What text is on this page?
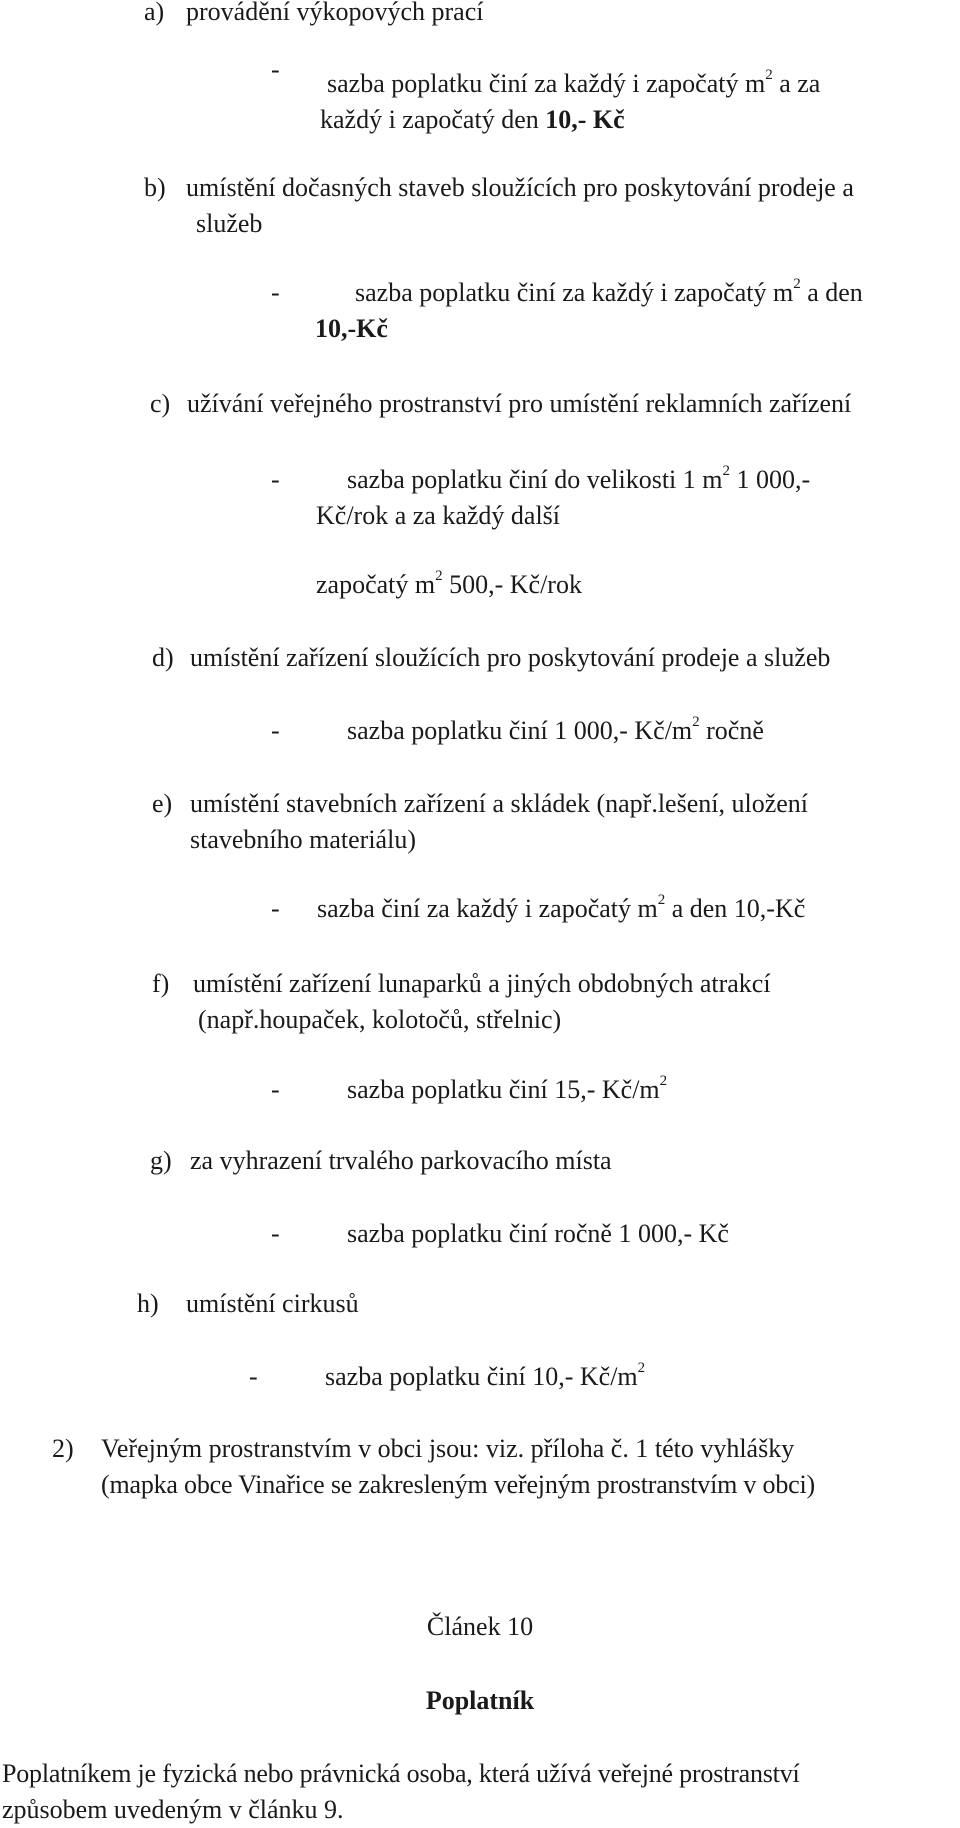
a) provádění výkopových prací
- sazba poplatku činí za každý i započatý $m^2$ a za
každý i započatý den 10,- Kč
b) umístění dočasných staveb sloužících pro poskytování prodeje a
služeb
-	sazba poplatku činí za každý i započatý $m^2$ a den
10,-Kč
c) užívání veřejného prostranství pro umístění reklamních zařízení
-	sazba poplatku činí do velikosti 1 $m^2$ 1 000,-
Kč/rok a za každý další
započatý $m^2$ 500,- Kč/rok
d) umístění zařízení sloužících pro poskytování prodeje a služeb
-	sazba poplatku činí 1 000,- $Kč/m^2$ ročně
e) umístění stavebních zařízení a skládek (např.lešení, uložení
stavebního materiálu)
- sazba činí za každý i započatý $m^2$ a den 10,-Kč
f) umístění zařízení lunaparků a jiných obdobných atrakcí
(např.houpaček, kolotočů, střelnic)
-	sazba poplatku činí 15,- $Kč/m^2$
g) za vyhrazení trvalého parkovacího místa
-	sazba poplatku činí ročně 1 000,- Kč
h) umístění cirkusů
-	sazba poplatku činí 10,- $Kč/m^2$
2) Veřejným prostranstvím v obci jsou: viz. příloha č. 1 této vyhlášky
(mapka obce Vinařice se zakresleným veřejným prostranstvím v obci)
Článek 10
Poplatník
Poplatníkem je fyzická nebo právnická osoba, která užívá veřejné prostranství
způsobem uvedeným v článku 9.
